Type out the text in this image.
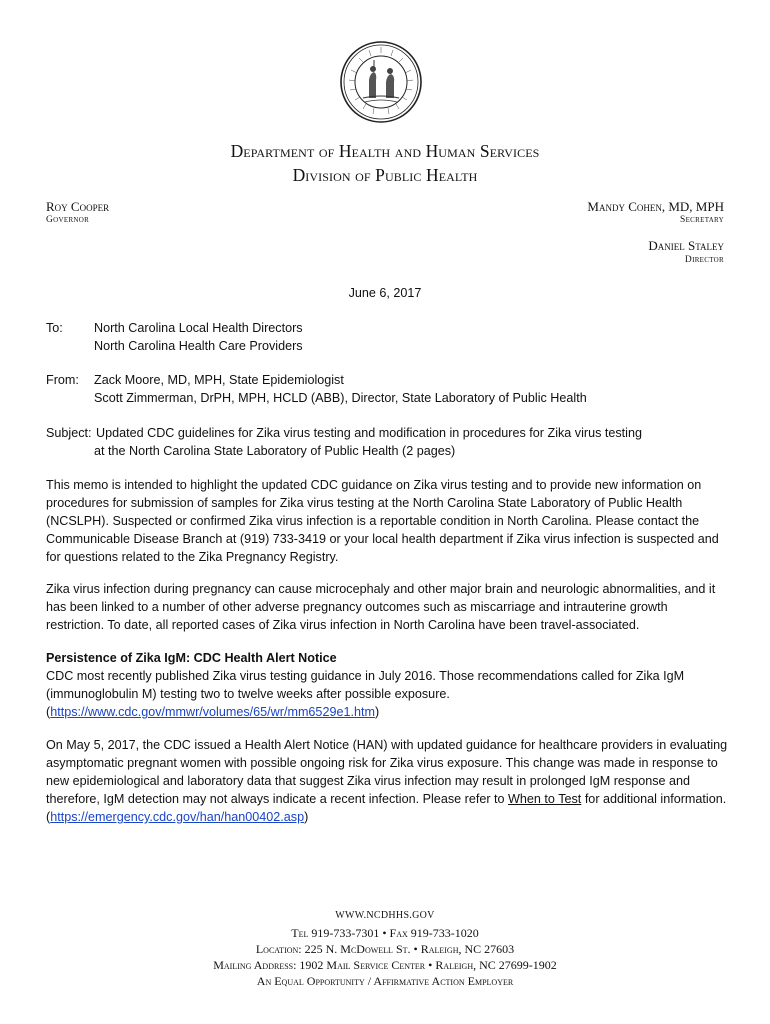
Department of Health and Human Services
Division of Public Health
Roy Cooper
Governor
Mandy Cohen, MD, MPH
Secretary
Daniel Staley
Director
June 6, 2017
To: North Carolina Local Health Directors
North Carolina Health Care Providers
From: Zack Moore, MD, MPH, State Epidemiologist
Scott Zimmerman, DrPH, MPH, HCLD (ABB), Director, State Laboratory of Public Health
Subject: Updated CDC guidelines for Zika virus testing and modification in procedures for Zika virus testing
at the North Carolina State Laboratory of Public Health (2 pages)
This memo is intended to highlight the updated CDC guidance on Zika virus testing and to provide new information on procedures for submission of samples for Zika virus testing at the North Carolina State Laboratory of Public Health (NCSLPH). Suspected or confirmed Zika virus infection is a reportable condition in North Carolina. Please contact the Communicable Disease Branch at (919) 733-3419 or your local health department if Zika virus infection is suspected and for questions related to the Zika Pregnancy Registry.
Zika virus infection during pregnancy can cause microcephaly and other major brain and neurologic abnormalities, and it has been linked to a number of other adverse pregnancy outcomes such as miscarriage and intrauterine growth restriction. To date, all reported cases of Zika virus infection in North Carolina have been travel-associated.
Persistence of Zika IgM: CDC Health Alert Notice
CDC most recently published Zika virus testing guidance in July 2016. Those recommendations called for Zika IgM (immunoglobulin M) testing two to twelve weeks after possible exposure. (https://www.cdc.gov/mmwr/volumes/65/wr/mm6529e1.htm)
On May 5, 2017, the CDC issued a Health Alert Notice (HAN) with updated guidance for healthcare providers in evaluating asymptomatic pregnant women with possible ongoing risk for Zika virus exposure. This change was made in response to new epidemiological and laboratory data that suggest Zika virus infection may result in prolonged IgM response and therefore, IgM detection may not always indicate a recent infection. Please refer to When to Test for additional information. (https://emergency.cdc.gov/han/han00402.asp)
WWW.NCDHHS.GOV
Tel 919-733-7301 • Fax 919-733-1020
Location: 225 N. McDowell St. • Raleigh, NC 27603
Mailing Address: 1902 Mail Service Center • Raleigh, NC 27699-1902
An Equal Opportunity / Affirmative Action Employer
